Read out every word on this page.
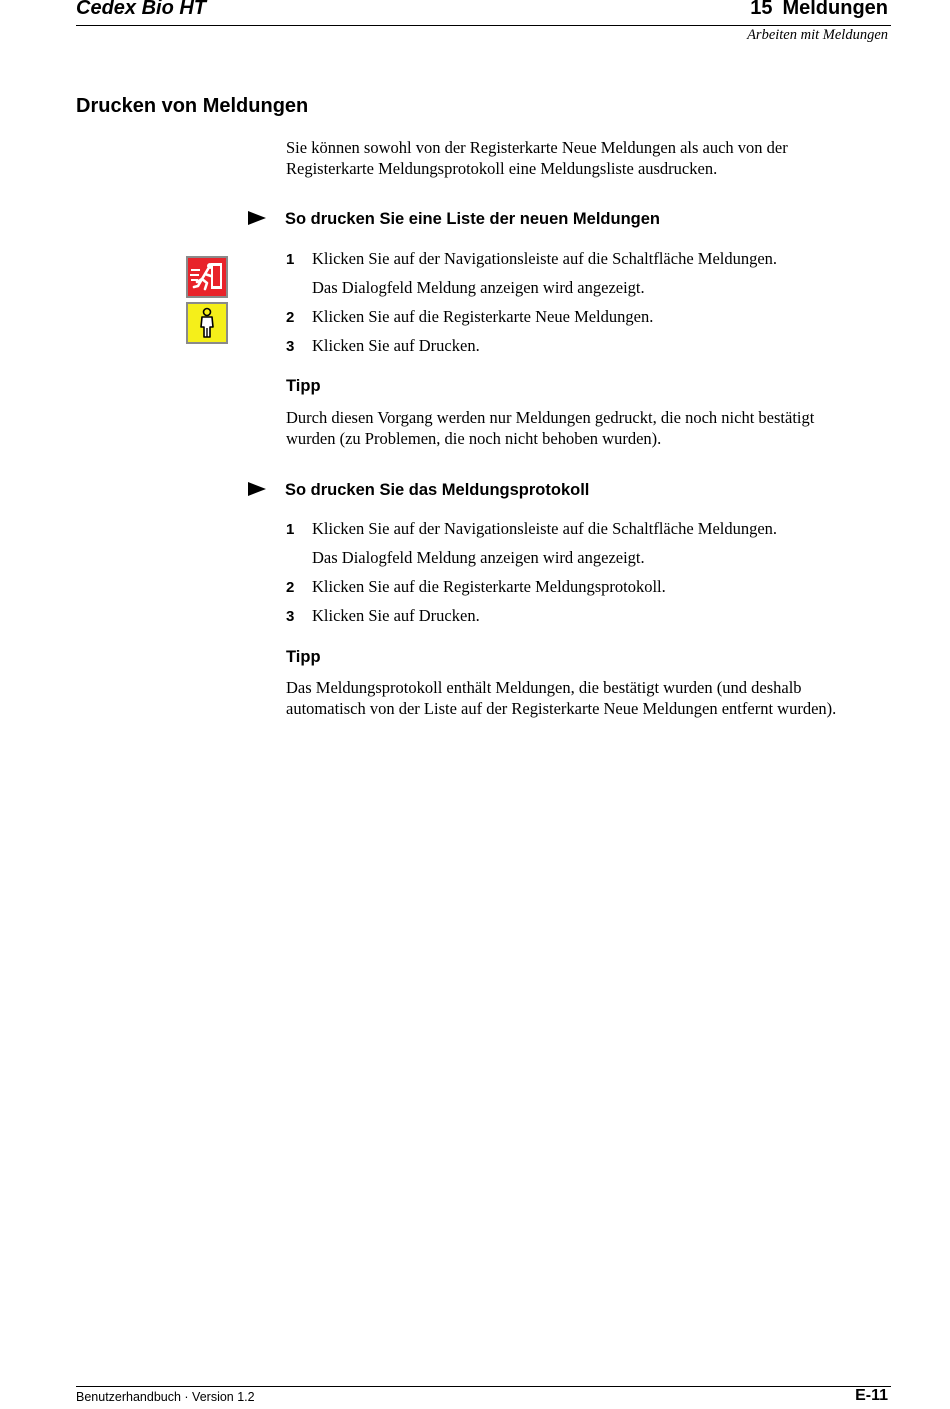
Cedex Bio HT	15 Meldungen
Arbeiten mit Meldungen
Drucken von Meldungen
Sie können sowohl von der Registerkarte Neue Meldungen als auch von der
Registerkarte Meldungsprotokoll eine Meldungsliste ausdrucken.
So drucken Sie eine Liste der neuen Meldungen
1 Klicken Sie auf der Navigationsleiste auf die Schaltfläche Meldungen.
Das Dialogfeld Meldung anzeigen wird angezeigt.
2 Klicken Sie auf die Registerkarte Neue Meldungen.
3 Klicken Sie auf Drucken.
Tipp
Durch diesen Vorgang werden nur Meldungen gedruckt, die noch nicht bestätigt
wurden (zu Problemen, die noch nicht behoben wurden).
So drucken Sie das Meldungsprotokoll
1 Klicken Sie auf der Navigationsleiste auf die Schaltfläche Meldungen.
Das Dialogfeld Meldung anzeigen wird angezeigt.
2 Klicken Sie auf die Registerkarte Meldungsprotokoll.
3 Klicken Sie auf Drucken.
Tipp
Das Meldungsprotokoll enthält Meldungen, die bestätigt wurden (und deshalb
automatisch von der Liste auf der Registerkarte Neue Meldungen entfernt wurden).
Benutzerhandbuch · Version 1.2	E-11
